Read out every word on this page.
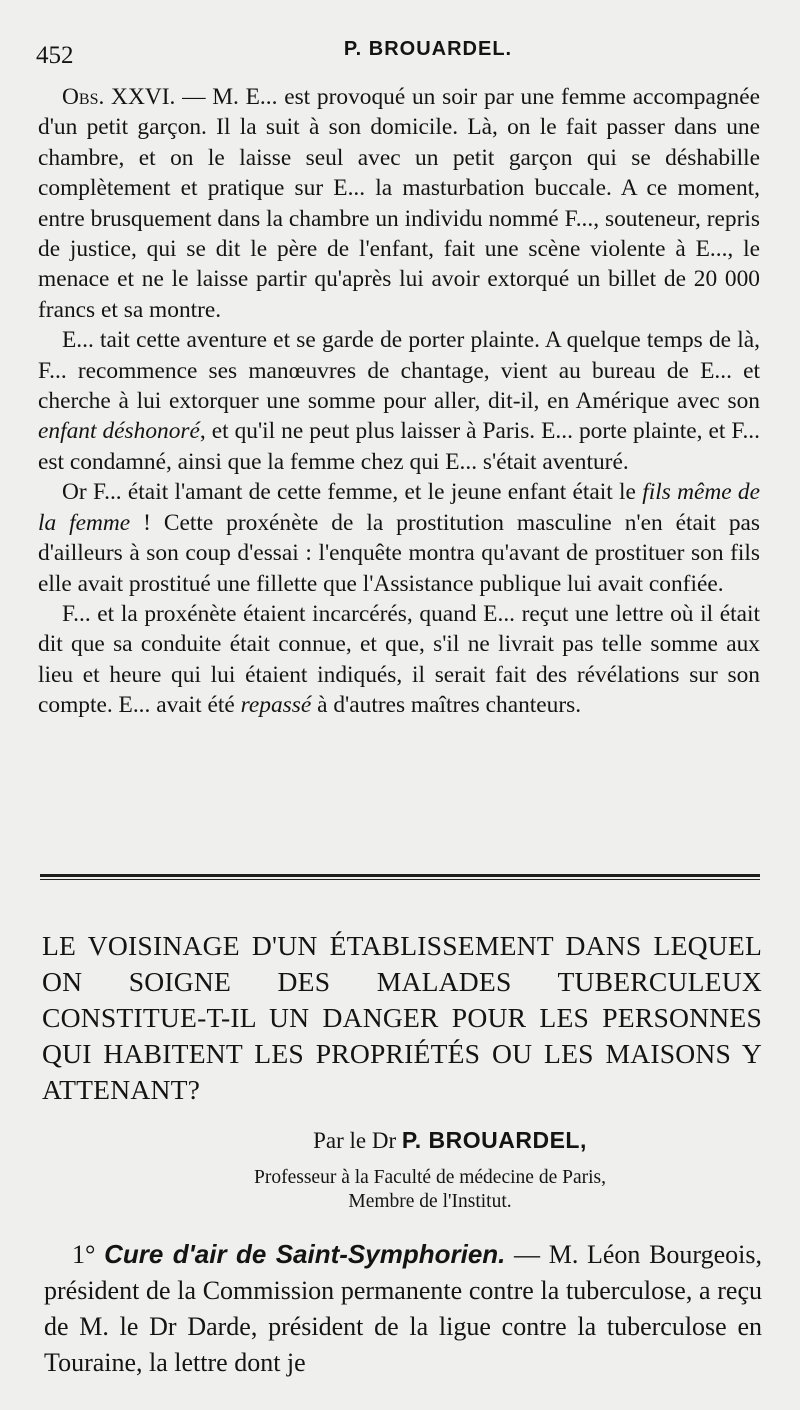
452	P. BROUARDEL.

Obs. XXVI. — M. E... est provoqué un soir par une femme accompagnée d'un petit garçon. Il la suit à son domicile. Là, on le fait passer dans une chambre, et on le laisse seul avec un petit garçon qui se déshabille complètement et pratique sur E... la masturbation buccale. A ce moment, entre brusquement dans la chambre un individu nommé F..., souteneur, repris de justice, qui se dit le père de l'enfant, fait une scène violente à E..., le menace et ne le laisse partir qu'après lui avoir extorqué un billet de 20 000 francs et sa montre.

E... tait cette aventure et se garde de porter plainte. A quelque temps de là, F... recommence ses manœuvres de chantage, vient au bureau de E... et cherche à lui extorquer une somme pour aller, dit-il, en Amérique avec son enfant déshonoré, et qu'il ne peut plus laisser à Paris. E... porte plainte, et F... est condamné, ainsi que la femme chez qui E... s'était aventuré.

Or F... était l'amant de cette femme, et le jeune enfant était le fils même de la femme ! Cette proxénète de la prostitution masculine n'en était pas d'ailleurs à son coup d'essai : l'enquête montra qu'avant de prostituer son fils elle avait prostitué une fillette que l'Assistance publique lui avait confiée.

F... et la proxénète étaient incarcérés, quand E... reçut une lettre où il était dit que sa conduite était connue, et que, s'il ne livrait pas telle somme aux lieu et heure qui lui étaient indiqués, il serait fait des révélations sur son compte. E... avait été repassé à d'autres maîtres chanteurs.

LE VOISINAGE D'UN ÉTABLISSEMENT DANS LEQUEL ON SOIGNE DES MALADES TUBERCULEUX CONSTITUE-T-IL UN DANGER POUR LES PERSONNES QUI HABITENT LES PROPRIÉTÉS OU LES MAISONS Y ATTENANT?
Par le Dr P. BROUARDEL,
Professeur à la Faculté de médecine de Paris,
Membre de l'Institut.

1° Cure d'air de Saint-Symphorien. — M. Léon Bourgeois, président de la Commission permanente contre la tuberculose, a reçu de M. le Dr Darde, président de la ligue contre la tuberculose en Touraine, la lettre dont je
